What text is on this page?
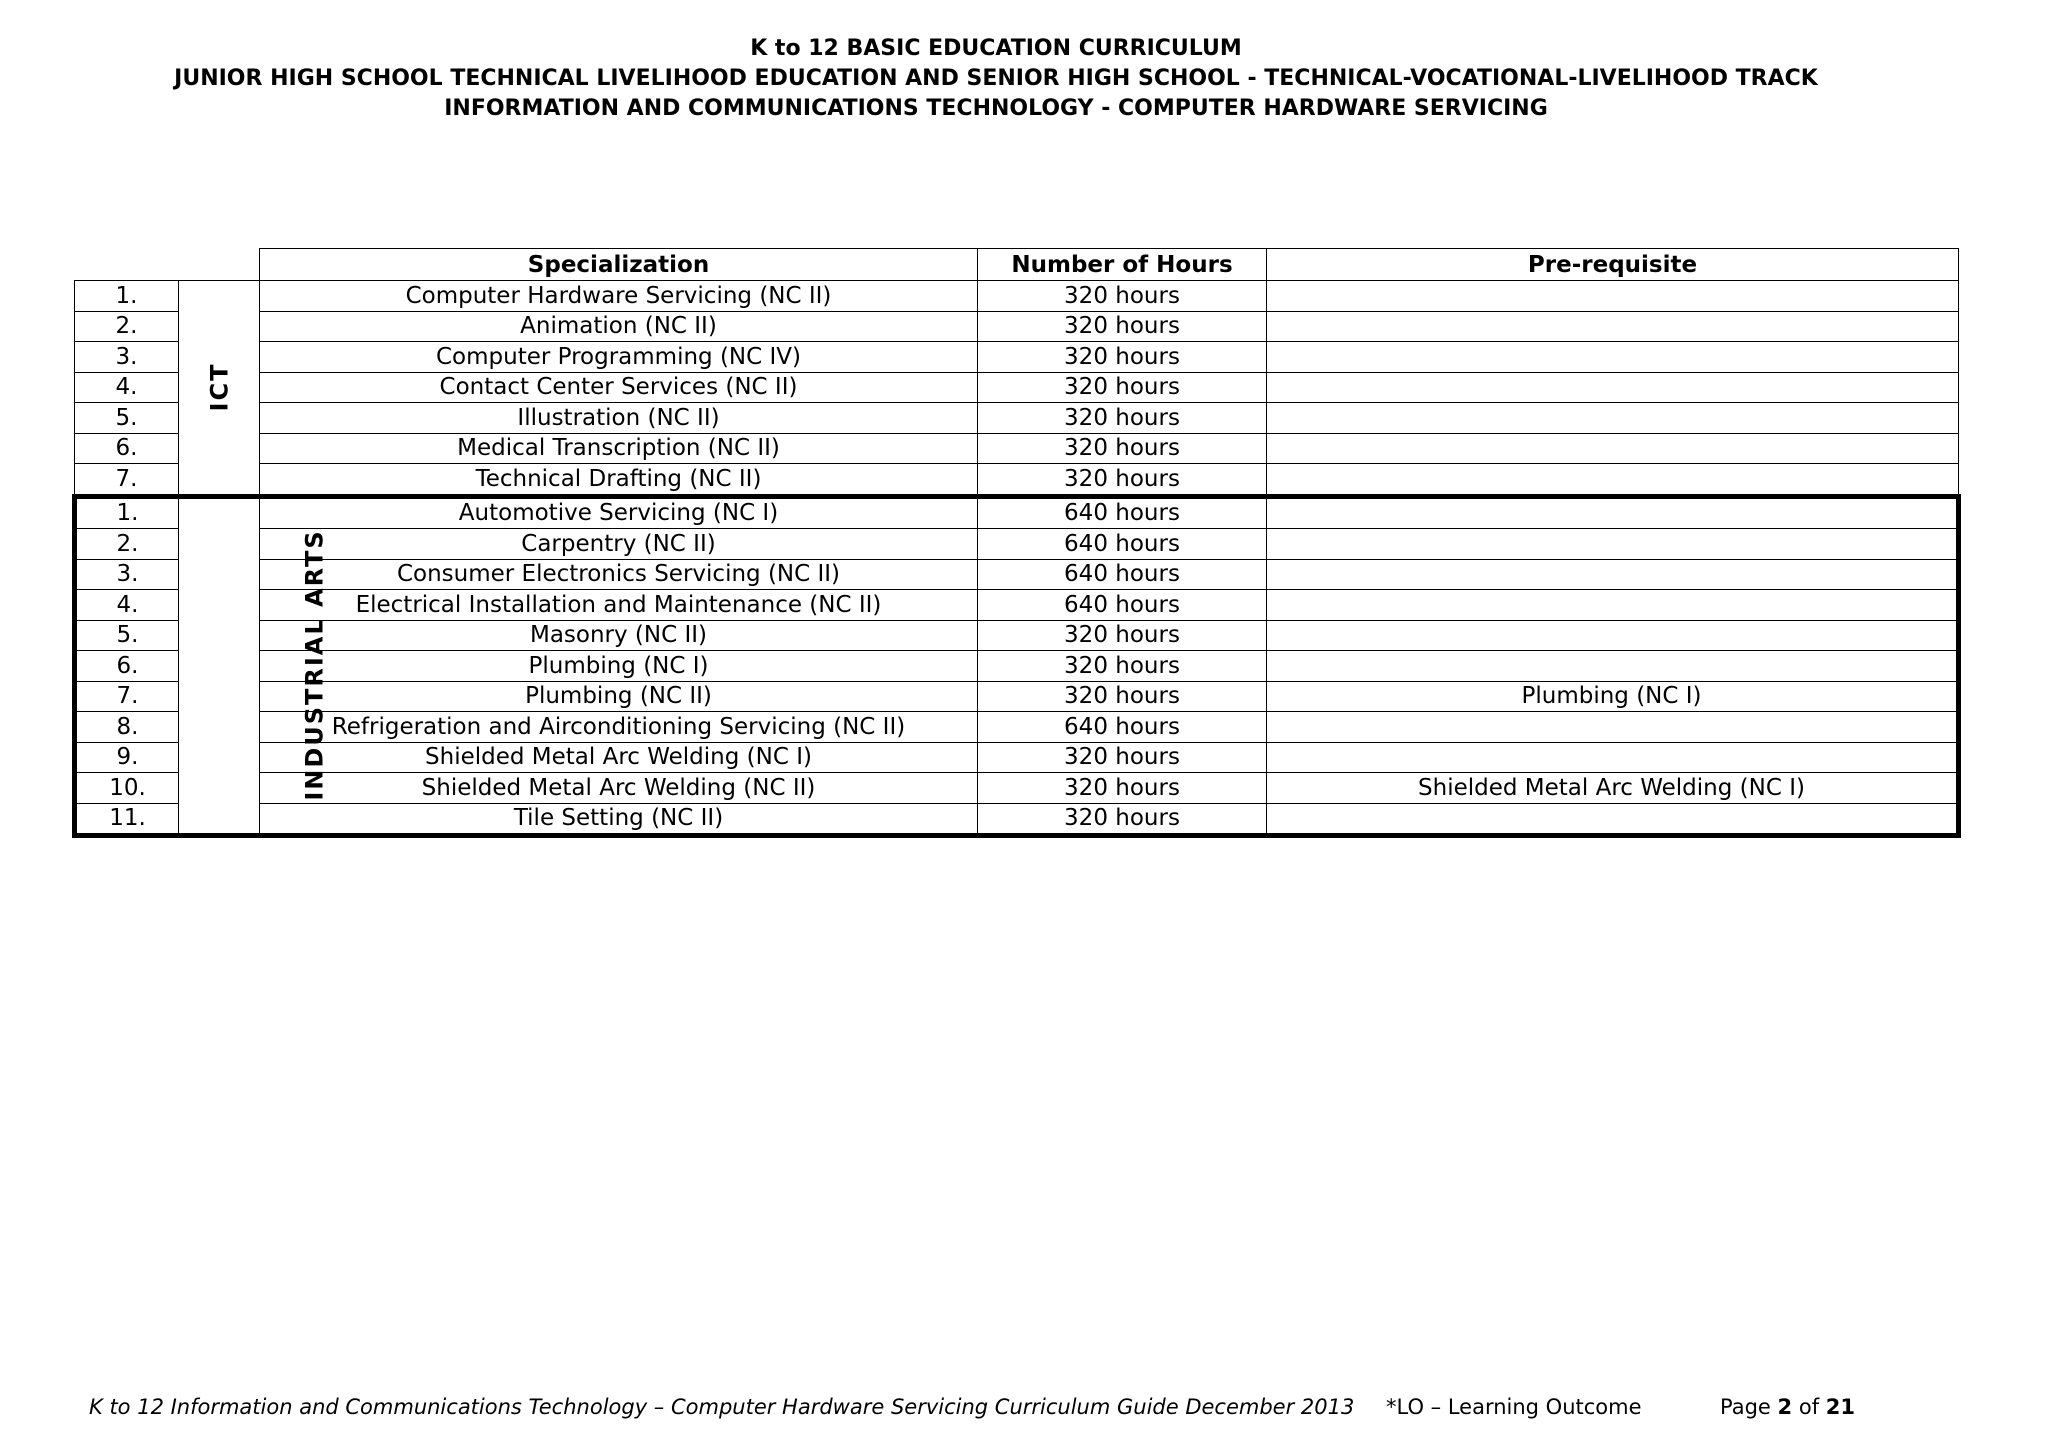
K to 12 BASIC EDUCATION CURRICULUM
JUNIOR HIGH SCHOOL TECHNICAL LIVELIHOOD EDUCATION AND SENIOR HIGH SCHOOL - TECHNICAL-VOCATIONAL-LIVELIHOOD TRACK
INFORMATION AND COMMUNICATIONS TECHNOLOGY - COMPUTER HARDWARE SERVICING
		Specialization	Number of Hours	Pre-requisite
1.	ICT	Computer Hardware Servicing (NC II)	320 hours	
2.		Animation (NC II)	320 hours	
3.		Computer Programming (NC IV)	320 hours	
4.		Contact Center Services (NC II)	320 hours	
5.		Illustration (NC II)	320 hours	
6.		Medical Transcription (NC II)	320 hours	
7.		Technical Drafting (NC II)	320 hours	
1.	INDUSTRIAL ARTS	Automotive Servicing (NC I)	640 hours	
2.		Carpentry (NC II)	640 hours	
3.		Consumer Electronics Servicing (NC II)	640 hours	
4.		Electrical Installation and Maintenance (NC II)	640 hours	
5.		Masonry (NC II)	320 hours	
6.		Plumbing (NC I)	320 hours	
7.		Plumbing (NC II)	320 hours	Plumbing (NC I)
8.		Refrigeration and Airconditioning Servicing (NC II)	640 hours	
9.		Shielded Metal Arc Welding (NC I)	320 hours	
10.		Shielded Metal Arc Welding (NC II)	320 hours	Shielded Metal Arc Welding (NC I)
11.		Tile Setting (NC II)	320 hours	
K to 12 Information and Communications Technology – Computer Hardware Servicing Curriculum Guide December 2013 *LO – Learning Outcome	Page 2 of 21
